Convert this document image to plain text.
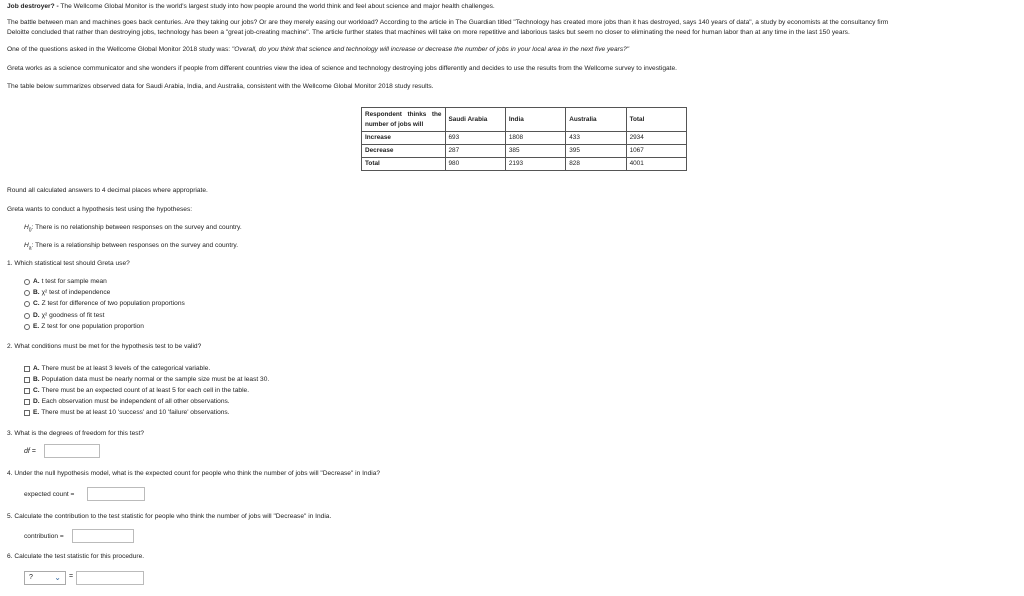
Job destroyer? - The Wellcome Global Monitor is the world's largest study into how people around the world think and feel about science and major health challenges.
The battle between man and machines goes back centuries. Are they taking our jobs? Or are they merely easing our workload? According to the article in The Guardian titled "Technology has created more jobs than it has destroyed, says 140 years of data", a study by economists at the consultancy firm
Deloitte concluded that rather than destroying jobs, technology has been a "great job-creating machine". The article further states that machines will take on more repetitive and laborious tasks but seem no closer to eliminating the need for human labor than at any time in the last 150 years.
One of the questions asked in the Wellcome Global Monitor 2018 study was: "Overall, do you think that science and technology will increase or decrease the number of jobs in your local area in the next five years?"
Greta works as a science communicator and she wonders if people from different countries view the idea of science and technology destroying jobs differently and decides to use the results from the Wellcome survey to investigate.
The table below summarizes observed data for Saudi Arabia, India, and Australia, consistent with the Wellcome Global Monitor 2018 study results.
Respondent thinks the number of jobs will	Saudi Arabia	India	Australia	Total
Increase	693	1808	433	2934
Decrease	287	385	395	1067
Total	980	2193	828	4001
Round all calculated answers to 4 decimal places where appropriate.
Greta wants to conduct a hypothesis test using the hypotheses:
$H_0$: There is no relationship between responses on the survey and country.
$H_a$: There is a relationship between responses on the survey and country.
1. Which statistical test should Greta use?
A. t test for sample mean
B. χ² test of independence
C. Z test for difference of two population proportions
D. χ² goodness of fit test
E. Z test for one population proportion
2. What conditions must be met for the hypothesis test to be valid?
A. There must be at least 3 levels of the categorical variable.
B. Population data must be nearly normal or the sample size must be at least 30.
C. There must be an expected count of at least 5 for each cell in the table.
D. Each observation must be independent of all other observations.
E. There must be at least 10 'success' and 10 'failure' observations.
3. What is the degrees of freedom for this test?
df =
4. Under the null hypothesis model, what is the expected count for people who think the number of jobs will "Decrease" in India?
expected count =
5. Calculate the contribution to the test statistic for people who think the number of jobs will "Decrease" in India.
contribution =
6. Calculate the test statistic for this procedure.
?	⌄ =
